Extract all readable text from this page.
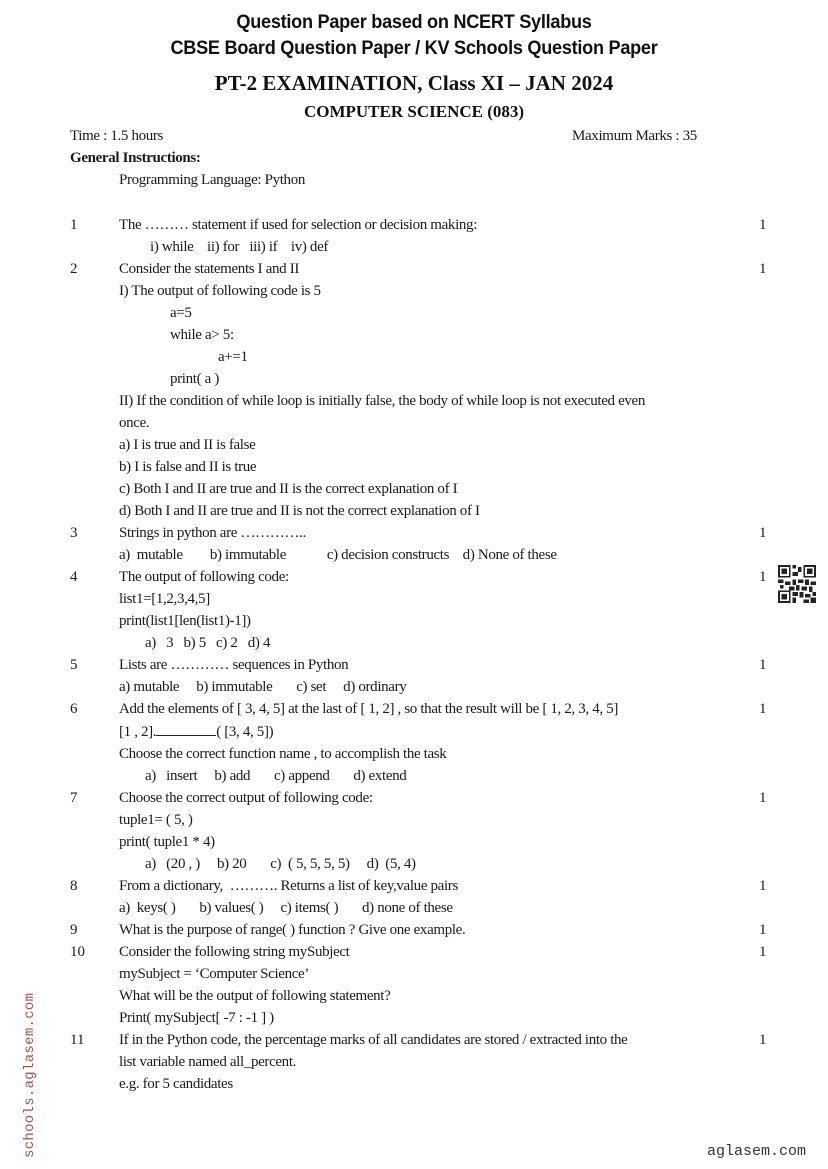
Question Paper based on NCERT Syllabus
CBSE Board Question Paper / KV Schools Question Paper
PT-2 EXAMINATION, Class XI – JAN 2024
COMPUTER SCIENCE (083)
Time : 1.5 hours	Maximum Marks : 35
General Instructions:
Programming Language: Python
1	The ……… statement if used for selection or decision making:	1
i) while    ii) for   iii) if    iv) def
2	Consider the statements I and II	1
I) The output of following code is 5
a=5
while a> 5:
a+=1
print( a )
II) If the condition of while loop is initially false, the body of while loop is not executed even
once.
a) I is true and II is false
b) I is false and II is true
c) Both I and II are true and II is the correct explanation of I
d) Both I and II are true and II is not the correct explanation of I
3	Strings in python are …………..	1
a)  mutable        b) immutable            c) decision constructs    d) None of these
4	The output of following code:	1
list1=[1,2,3,4,5]
print(list1[len(list1)-1])
a)   3   b) 5   c) 2   d) 4
5	Lists are ………… sequences in Python	1
a) mutable     b) immutable       c) set     d) ordinary
6	Add the elements of [ 3, 4, 5] at the last of [ 1, 2] , so that the result will be [ 1, 2, 3, 4, 5]	1
[1 , 2].	( [3, 4, 5])
Choose the correct function name , to accomplish the task
a)   insert     b) add       c) append       d) extend
7	Choose the correct output of following code:	1
tuple1= ( 5, )
print( tuple1 * 4)
a)   (20 , )     b) 20       c)  ( 5, 5, 5, 5)     d)  (5, 4)
8	From a dictionary,  ………. Returns a list of key,value pairs	1
a)  keys( )       b) values( )     c) items( )       d) none of these
9	What is the purpose of range( ) function ? Give one example.	1
10 Consider the following string mySubject	1
mySubject = ‘Computer Science’
What will be the output of following statement?
Print( mySubject[ -7 : -1 ] )
11 If in the Python code, the percentage marks of all candidates are stored / extracted into the	1
list variable named all_percent.
e.g. for 5 candidates
schools.aglasem.com	aglasem.com
